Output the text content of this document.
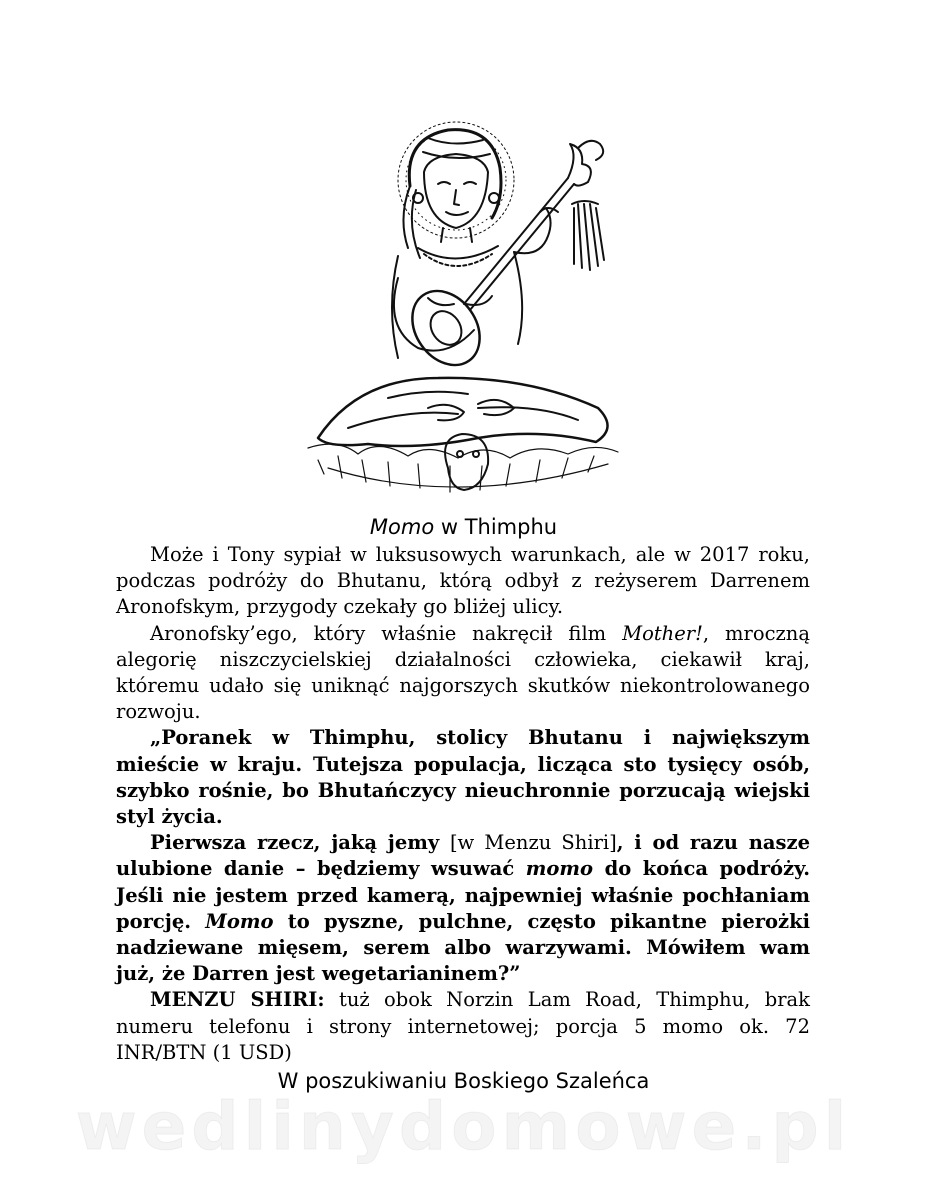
Momo w Thimphu

Może i Tony sypiał w luksusowych warunkach, ale w 2017 roku, podczas podróży do Bhutanu, którą odbył z reżyserem Darrenem Aronofskym, przygody czekały go bliżej ulicy.

Aronofsky’ego, który właśnie nakręcił film Mother!, mroczną alegorię niszczycielskiej działalności człowieka, ciekawił kraj, któremu udało się uniknąć najgorszych skutków niekontrolowanego rozwoju.

„Poranek w Thimphu, stolicy Bhutanu i największym mieście w kraju. Tutejsza populacja, licząca sto tysięcy osób, szybko rośnie, bo Bhutańczycy nieuchronnie porzucają wiejski styl życia.

Pierwsza rzecz, jaką jemy [w Menzu Shiri], i od razu nasze ulubione danie – będziemy wsuwać momo do końca podróży. Jeśli nie jestem przed kamerą, najpewniej właśnie pochłaniam porcję. Momo to pyszne, pulchne, często pikantne pierożki nadziewane mięsem, serem albo warzywami. Mówiłem wam już, że Darren jest wegetarianinem?”

MENZU SHIRI: tuż obok Norzin Lam Road, Thimphu, brak numeru telefonu i strony internetowej; porcja 5 momo ok. 72 INR/BTN (1 USD)

W poszukiwaniu Boskiego Szaleńca
wedlinydomowe.pl
